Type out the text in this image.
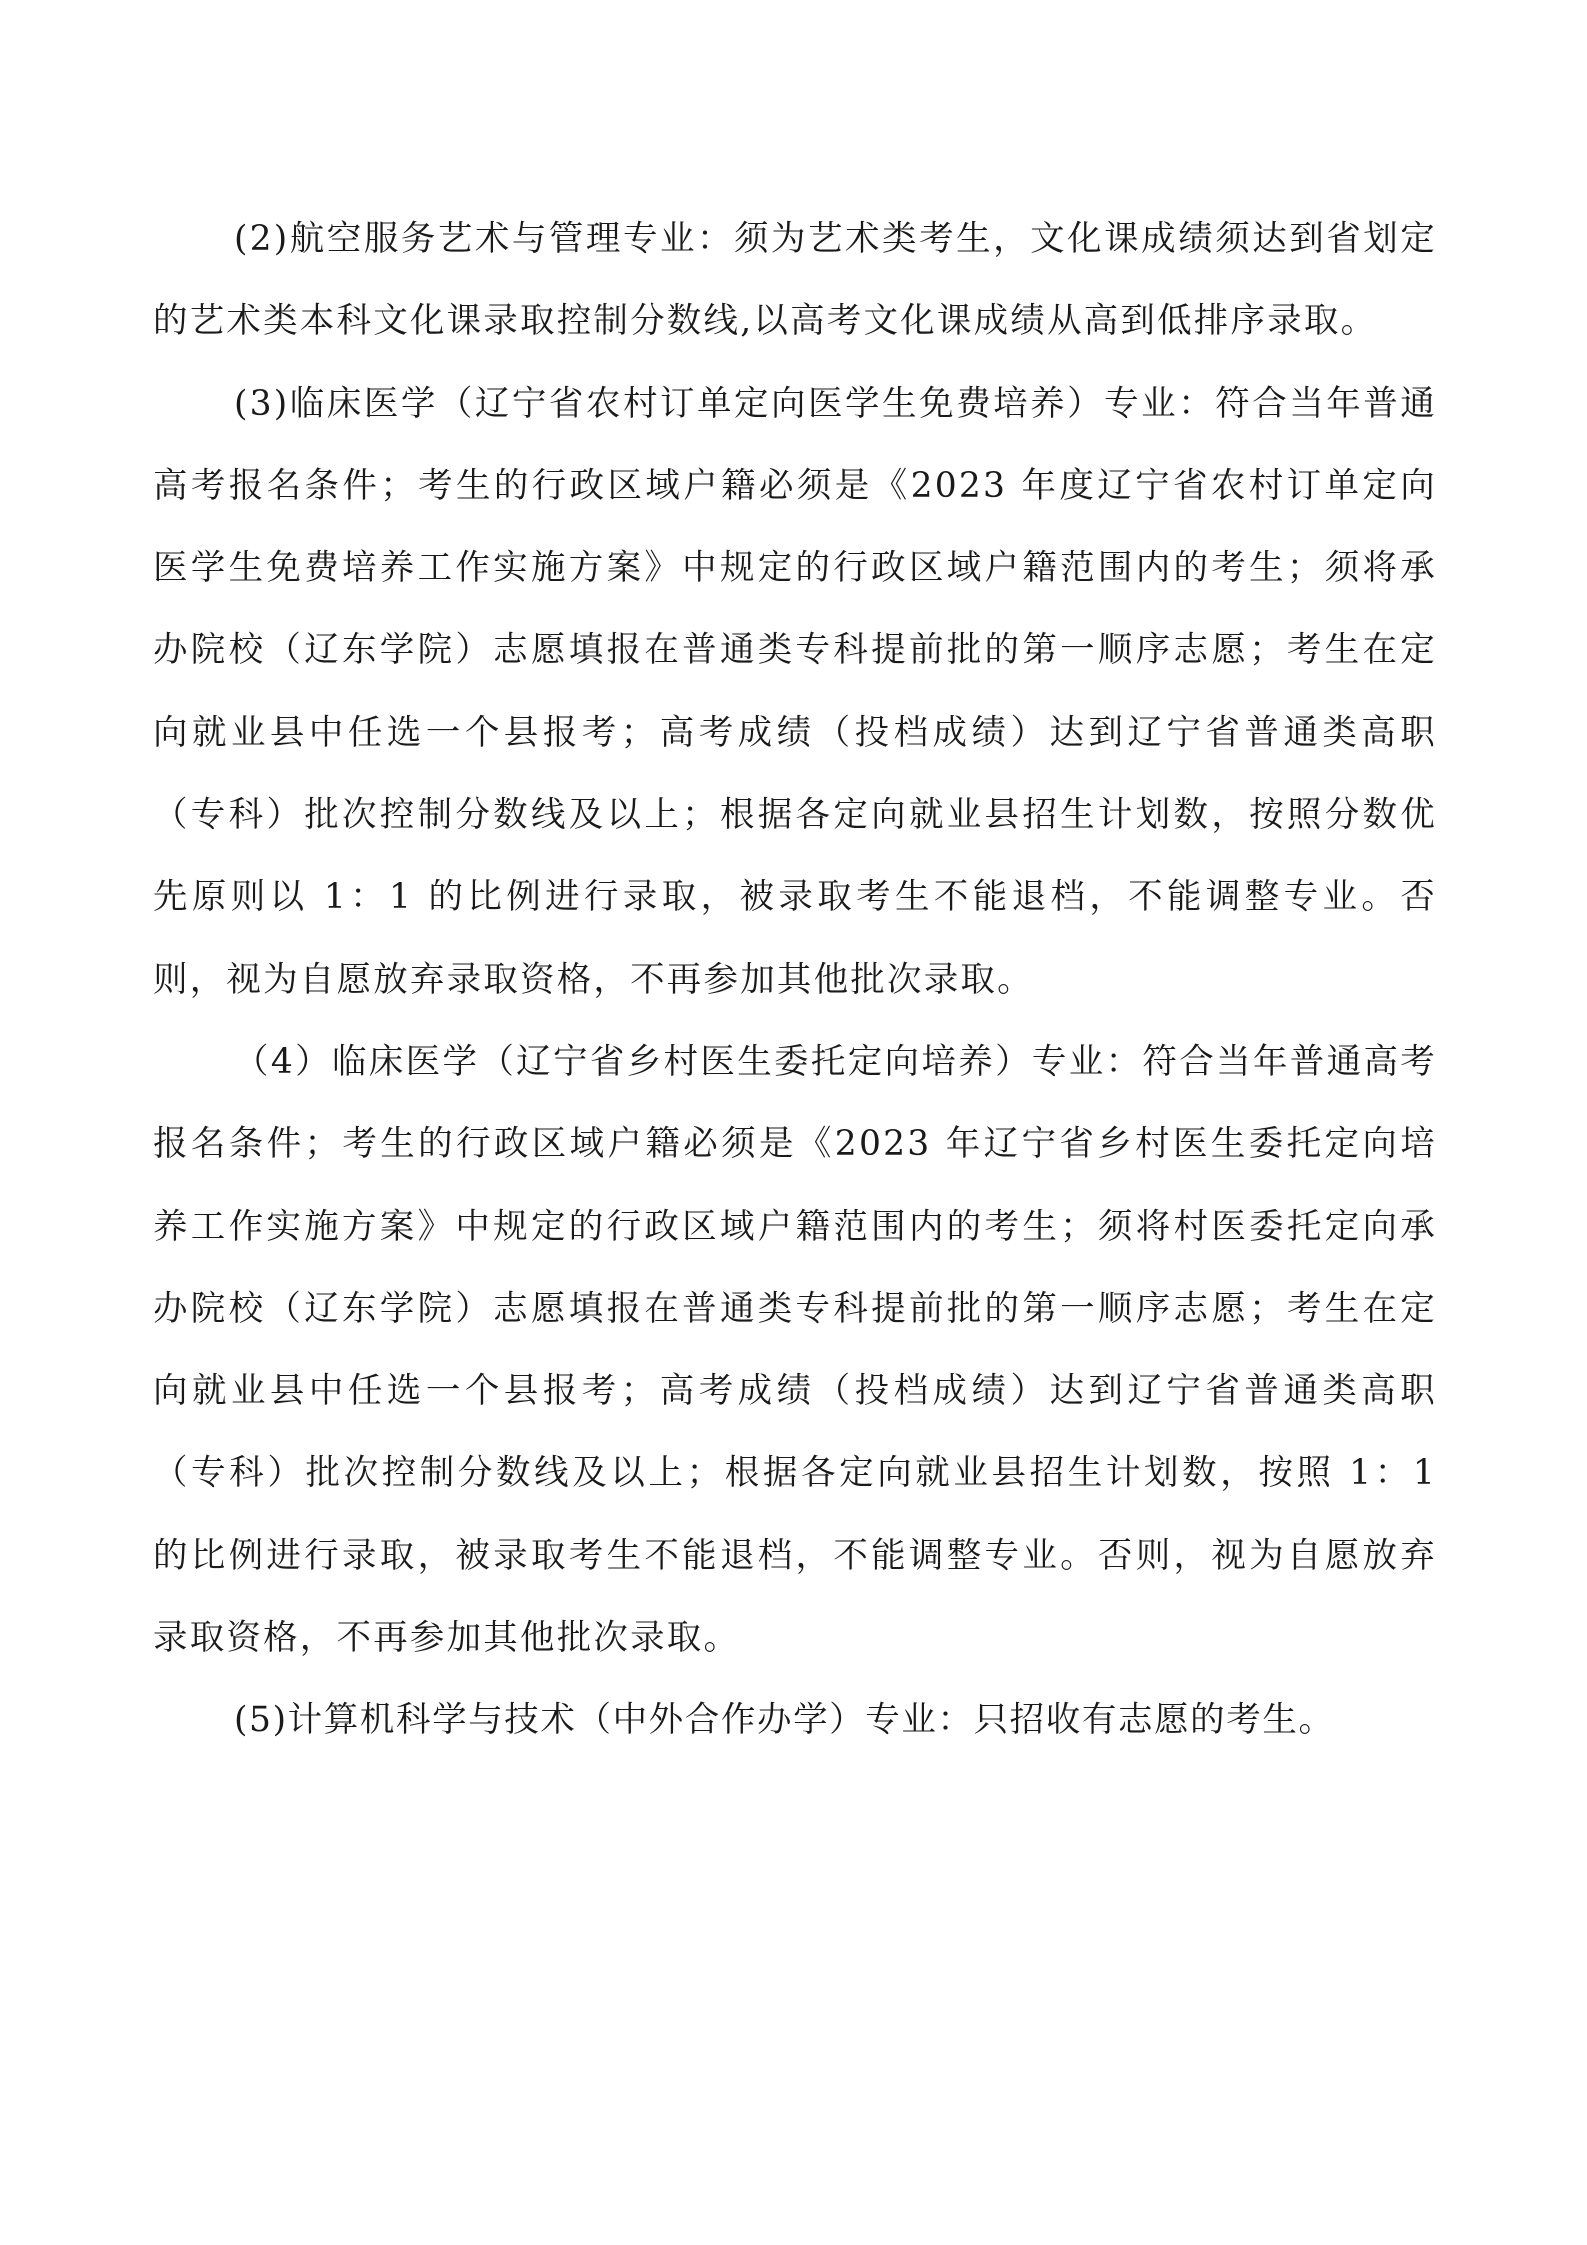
(2)航空服务艺术与管理专业：须为艺术类考生，文化课成绩须达到省划定的艺术类本科文化课录取控制分数线,以高考文化课成绩从高到低排序录取。

(3)临床医学（辽宁省农村订单定向医学生免费培养）专业：符合当年普通高考报名条件；考生的行政区域户籍必须是《2023 年度辽宁省农村订单定向医学生免费培养工作实施方案》中规定的行政区域户籍范围内的考生；须将承办院校（辽东学院）志愿填报在普通类专科提前批的第一顺序志愿；考生在定向就业县中任选一个县报考；高考成绩（投档成绩）达到辽宁省普通类高职（专科）批次控制分数线及以上；根据各定向就业县招生计划数，按照分数优先原则以 1：1 的比例进行录取，被录取考生不能退档，不能调整专业。否则，视为自愿放弃录取资格，不再参加其他批次录取。

（4）临床医学（辽宁省乡村医生委托定向培养）专业：符合当年普通高考报名条件；考生的行政区域户籍必须是《2023 年辽宁省乡村医生委托定向培养工作实施方案》中规定的行政区域户籍范围内的考生；须将村医委托定向承办院校（辽东学院）志愿填报在普通类专科提前批的第一顺序志愿；考生在定向就业县中任选一个县报考；高考成绩（投档成绩）达到辽宁省普通类高职（专科）批次控制分数线及以上；根据各定向就业县招生计划数，按照 1：1 的比例进行录取，被录取考生不能退档，不能调整专业。否则，视为自愿放弃录取资格，不再参加其他批次录取。

(5)计算机科学与技术（中外合作办学）专业：只招收有志愿的考生。
